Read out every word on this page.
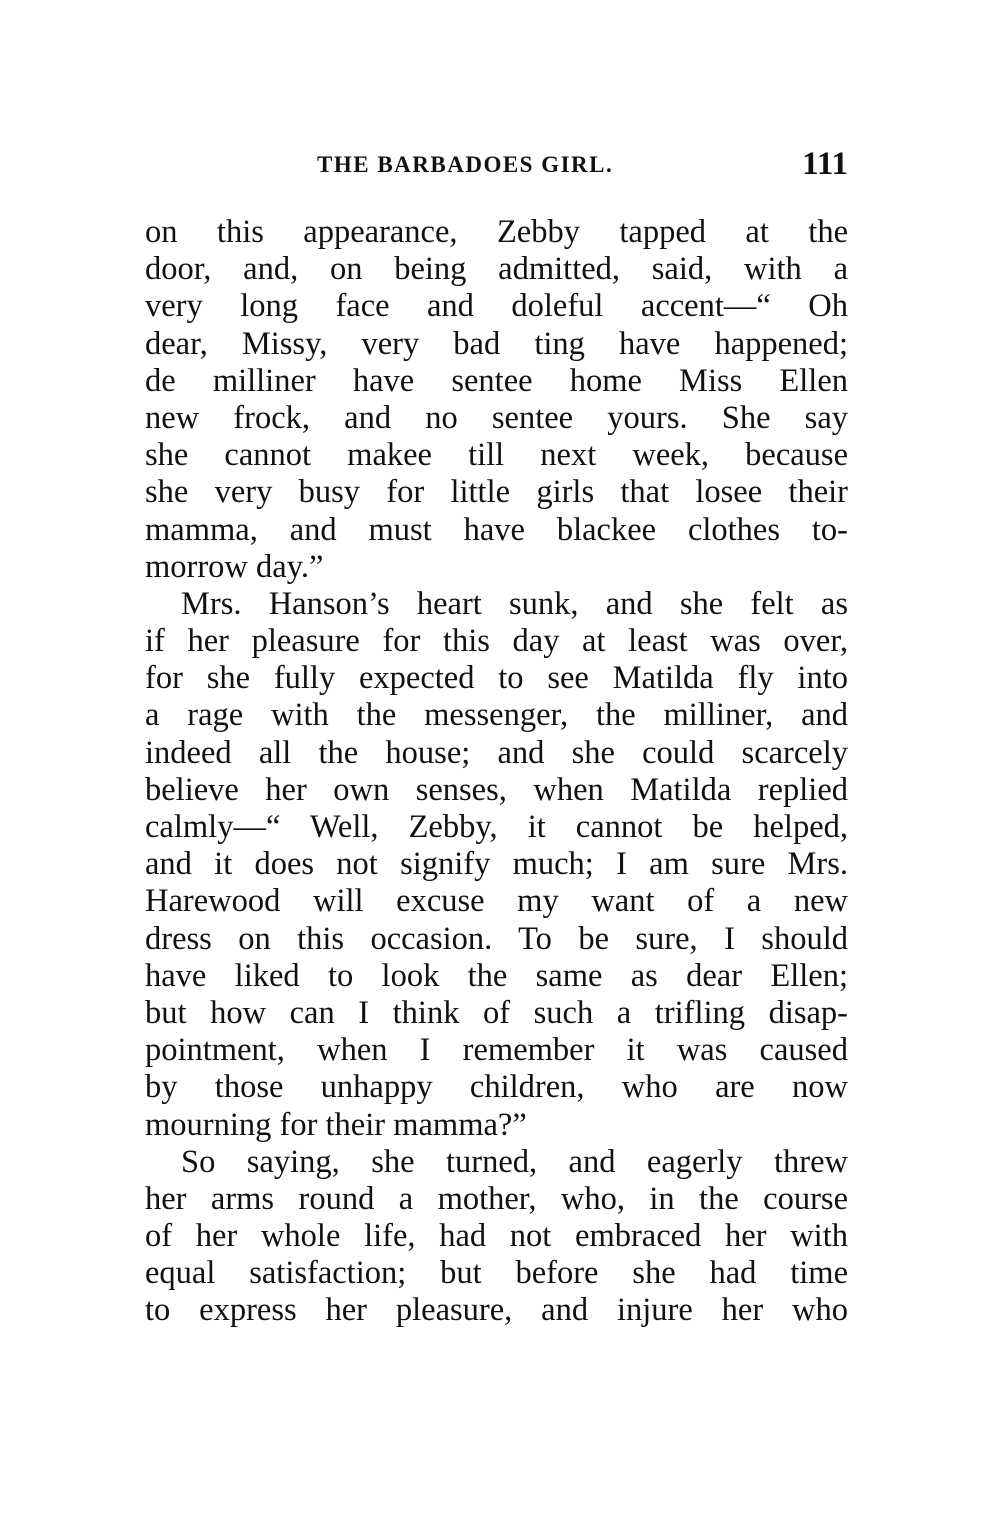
THE BARBADOES GIRL.	111
on this appearance, Zebby tapped at the
door, and, on being admitted, said, with a
very long face and doleful accent—“ Oh
dear, Missy, very bad ting have happened;
de milliner have sentee home Miss Ellen
new frock, and no sentee yours. She say
she cannot makee till next week, because
she very busy for little girls that losee their
mamma, and must have blackee clothes to-
morrow day.”
Mrs. Hanson’s heart sunk, and she felt as
if her pleasure for this day at least was over,
for she fully expected to see Matilda fly into
a rage with the messenger, the milliner, and
indeed all the house; and she could scarcely
believe her own senses, when Matilda replied
calmly—“ Well, Zebby, it cannot be helped,
and it does not signify much; I am sure Mrs.
Harewood will excuse my want of a new
dress on this occasion. To be sure, I should
have liked to look the same as dear Ellen;
but how can I think of such a trifling disap-
pointment, when I remember it was caused
by those unhappy children, who are now
mourning for their mamma?”
So saying, she turned, and eagerly threw
her arms round a mother, who, in the course
of her whole life, had not embraced her with
equal satisfaction; but before she had time
to express her pleasure, and injure her who
